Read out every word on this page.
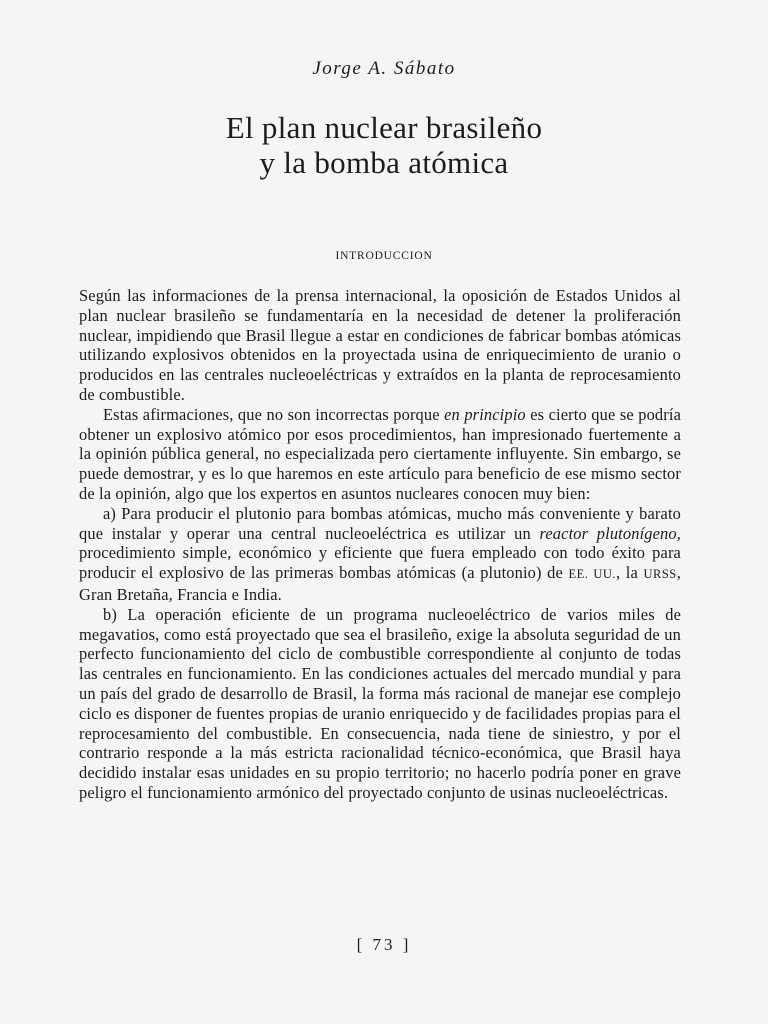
Jorge A. Sábato
El plan nuclear brasileño
y la bomba atómica
INTRODUCCION

Según las informaciones de la prensa internacional, la oposición de Estados Unidos al plan nuclear brasileño se fundamentaría en la necesidad de detener la proliferación nuclear, impidiendo que Brasil llegue a estar en condiciones de fabricar bombas atómicas utilizando explosivos obtenidos en la proyectada usina de enriquecimiento de uranio o producidos en las centrales nucleoeléctricas y extraídos en la planta de reprocesamiento de combustible.

Estas afirmaciones, que no son incorrectas porque en principio es cierto que se podría obtener un explosivo atómico por esos procedimientos, han impresionado fuertemente a la opinión pública general, no especializada pero ciertamente influyente. Sin embargo, se puede demostrar, y es lo que haremos en este artículo para beneficio de ese mismo sector de la opinión, algo que los expertos en asuntos nucleares conocen muy bien:

a) Para producir el plutonio para bombas atómicas, mucho más conveniente y barato que instalar y operar una central nucleoeléctrica es utilizar un reactor plutonígeno, procedimiento simple, económico y eficiente que fuera empleado con todo éxito para producir el explosivo de las primeras bombas atómicas (a plutonio) de EE. UU., la URSS, Gran Bretaña, Francia e India.

b) La operación eficiente de un programa nucleoeléctrico de varios miles de megavatios, como está proyectado que sea el brasileño, exige la absoluta seguridad de un perfecto funcionamiento del ciclo de combustible correspondiente al conjunto de todas las centrales en funcionamiento. En las condiciones actuales del mercado mundial y para un país del grado de desarrollo de Brasil, la forma más racional de manejar ese complejo ciclo es disponer de fuentes propias de uranio enriquecido y de facilidades propias para el reprocesamiento del combustible. En consecuencia, nada tiene de siniestro, y por el contrario responde a la más estricta racionalidad técnico-económica, que Brasil haya decidido instalar esas unidades en su propio territorio; no hacerlo podría poner en grave peligro el funcionamiento armónico del proyectado conjunto de usinas nucleoeléctricas.

[ 73 ]
